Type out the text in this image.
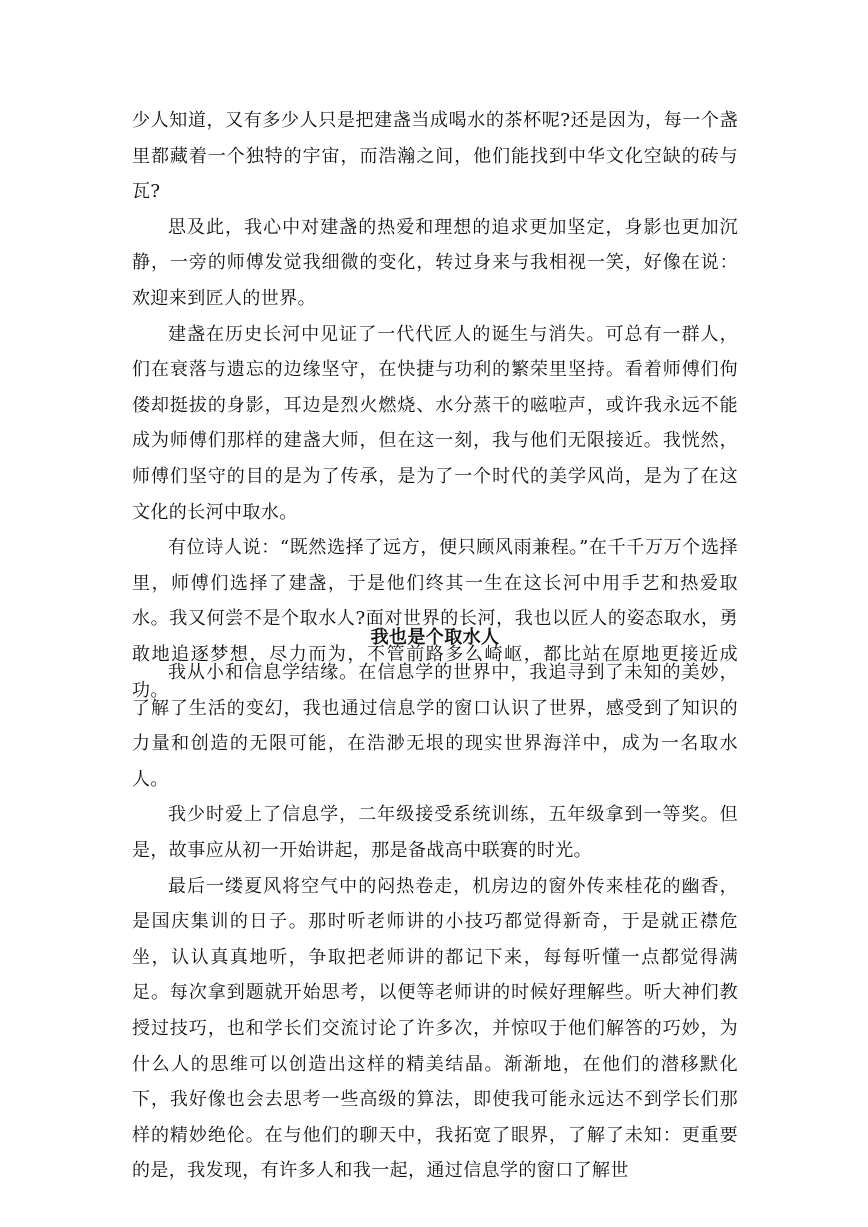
少人知道，又有多少人只是把建盏当成喝水的茶杯呢?还是因为，每一个盏里都藏着一个独特的宇宙，而浩瀚之间，他们能找到中华文化空缺的砖与瓦?

思及此，我心中对建盏的热爱和理想的追求更加坚定，身影也更加沉静，一旁的师傅发觉我细微的变化，转过身来与我相视一笑，好像在说：欢迎来到匠人的世界。

建盏在历史长河中见证了一代代匠人的诞生与消失。可总有一群人，们在衰落与遗忘的边缘坚守，在快捷与功利的繁荣里坚持。看着师傅们佝偻却挺拔的身影，耳边是烈火燃烧、水分蒸干的嗞啦声，或许我永远不能成为师傅们那样的建盏大师，但在这一刻，我与他们无限接近。我恍然，师傅们坚守的目的是为了传承，是为了一个时代的美学风尚，是为了在这文化的长河中取水。

有位诗人说：“既然选择了远方，便只顾风雨兼程。”在千千万万个选择里，师傅们选择了建盏，于是他们终其一生在这长河中用手艺和热爱取水。我又何尝不是个取水人?面对世界的长河，我也以匠人的姿态取水，勇敢地追逐梦想，尽力而为，不管前路多么崎岖，都比站在原地更接近成功。

我也是个取水人

我从小和信息学结缘。在信息学的世界中，我追寻到了未知的美妙，了解了生活的变幻，我也通过信息学的窗口认识了世界，感受到了知识的力量和创造的无限可能，在浩渺无垠的现实世界海洋中，成为一名取水人。

我少时爱上了信息学，二年级接受系统训练，五年级拿到一等奖。但是，故事应从初一开始讲起，那是备战高中联赛的时光。

最后一缕夏风将空气中的闷热卷走，机房边的窗外传来桂花的幽香，是国庆集训的日子。那时听老师讲的小技巧都觉得新奇，于是就正襟危坐，认认真真地听，争取把老师讲的都记下来，每每听懂一点都觉得满足。每次拿到题就开始思考，以便等老师讲的时候好理解些。听大神们教授过技巧，也和学长们交流讨论了许多次，并惊叹于他们解答的巧妙，为什么人的思维可以创造出这样的精美结晶。渐渐地，在他们的潜移默化下，我好像也会去思考一些高级的算法，即使我可能永远达不到学长们那样的精妙绝伦。在与他们的聊天中，我拓宽了眼界，了解了未知：更重要的是，我发现，有许多人和我一起，通过信息学的窗口了解世
